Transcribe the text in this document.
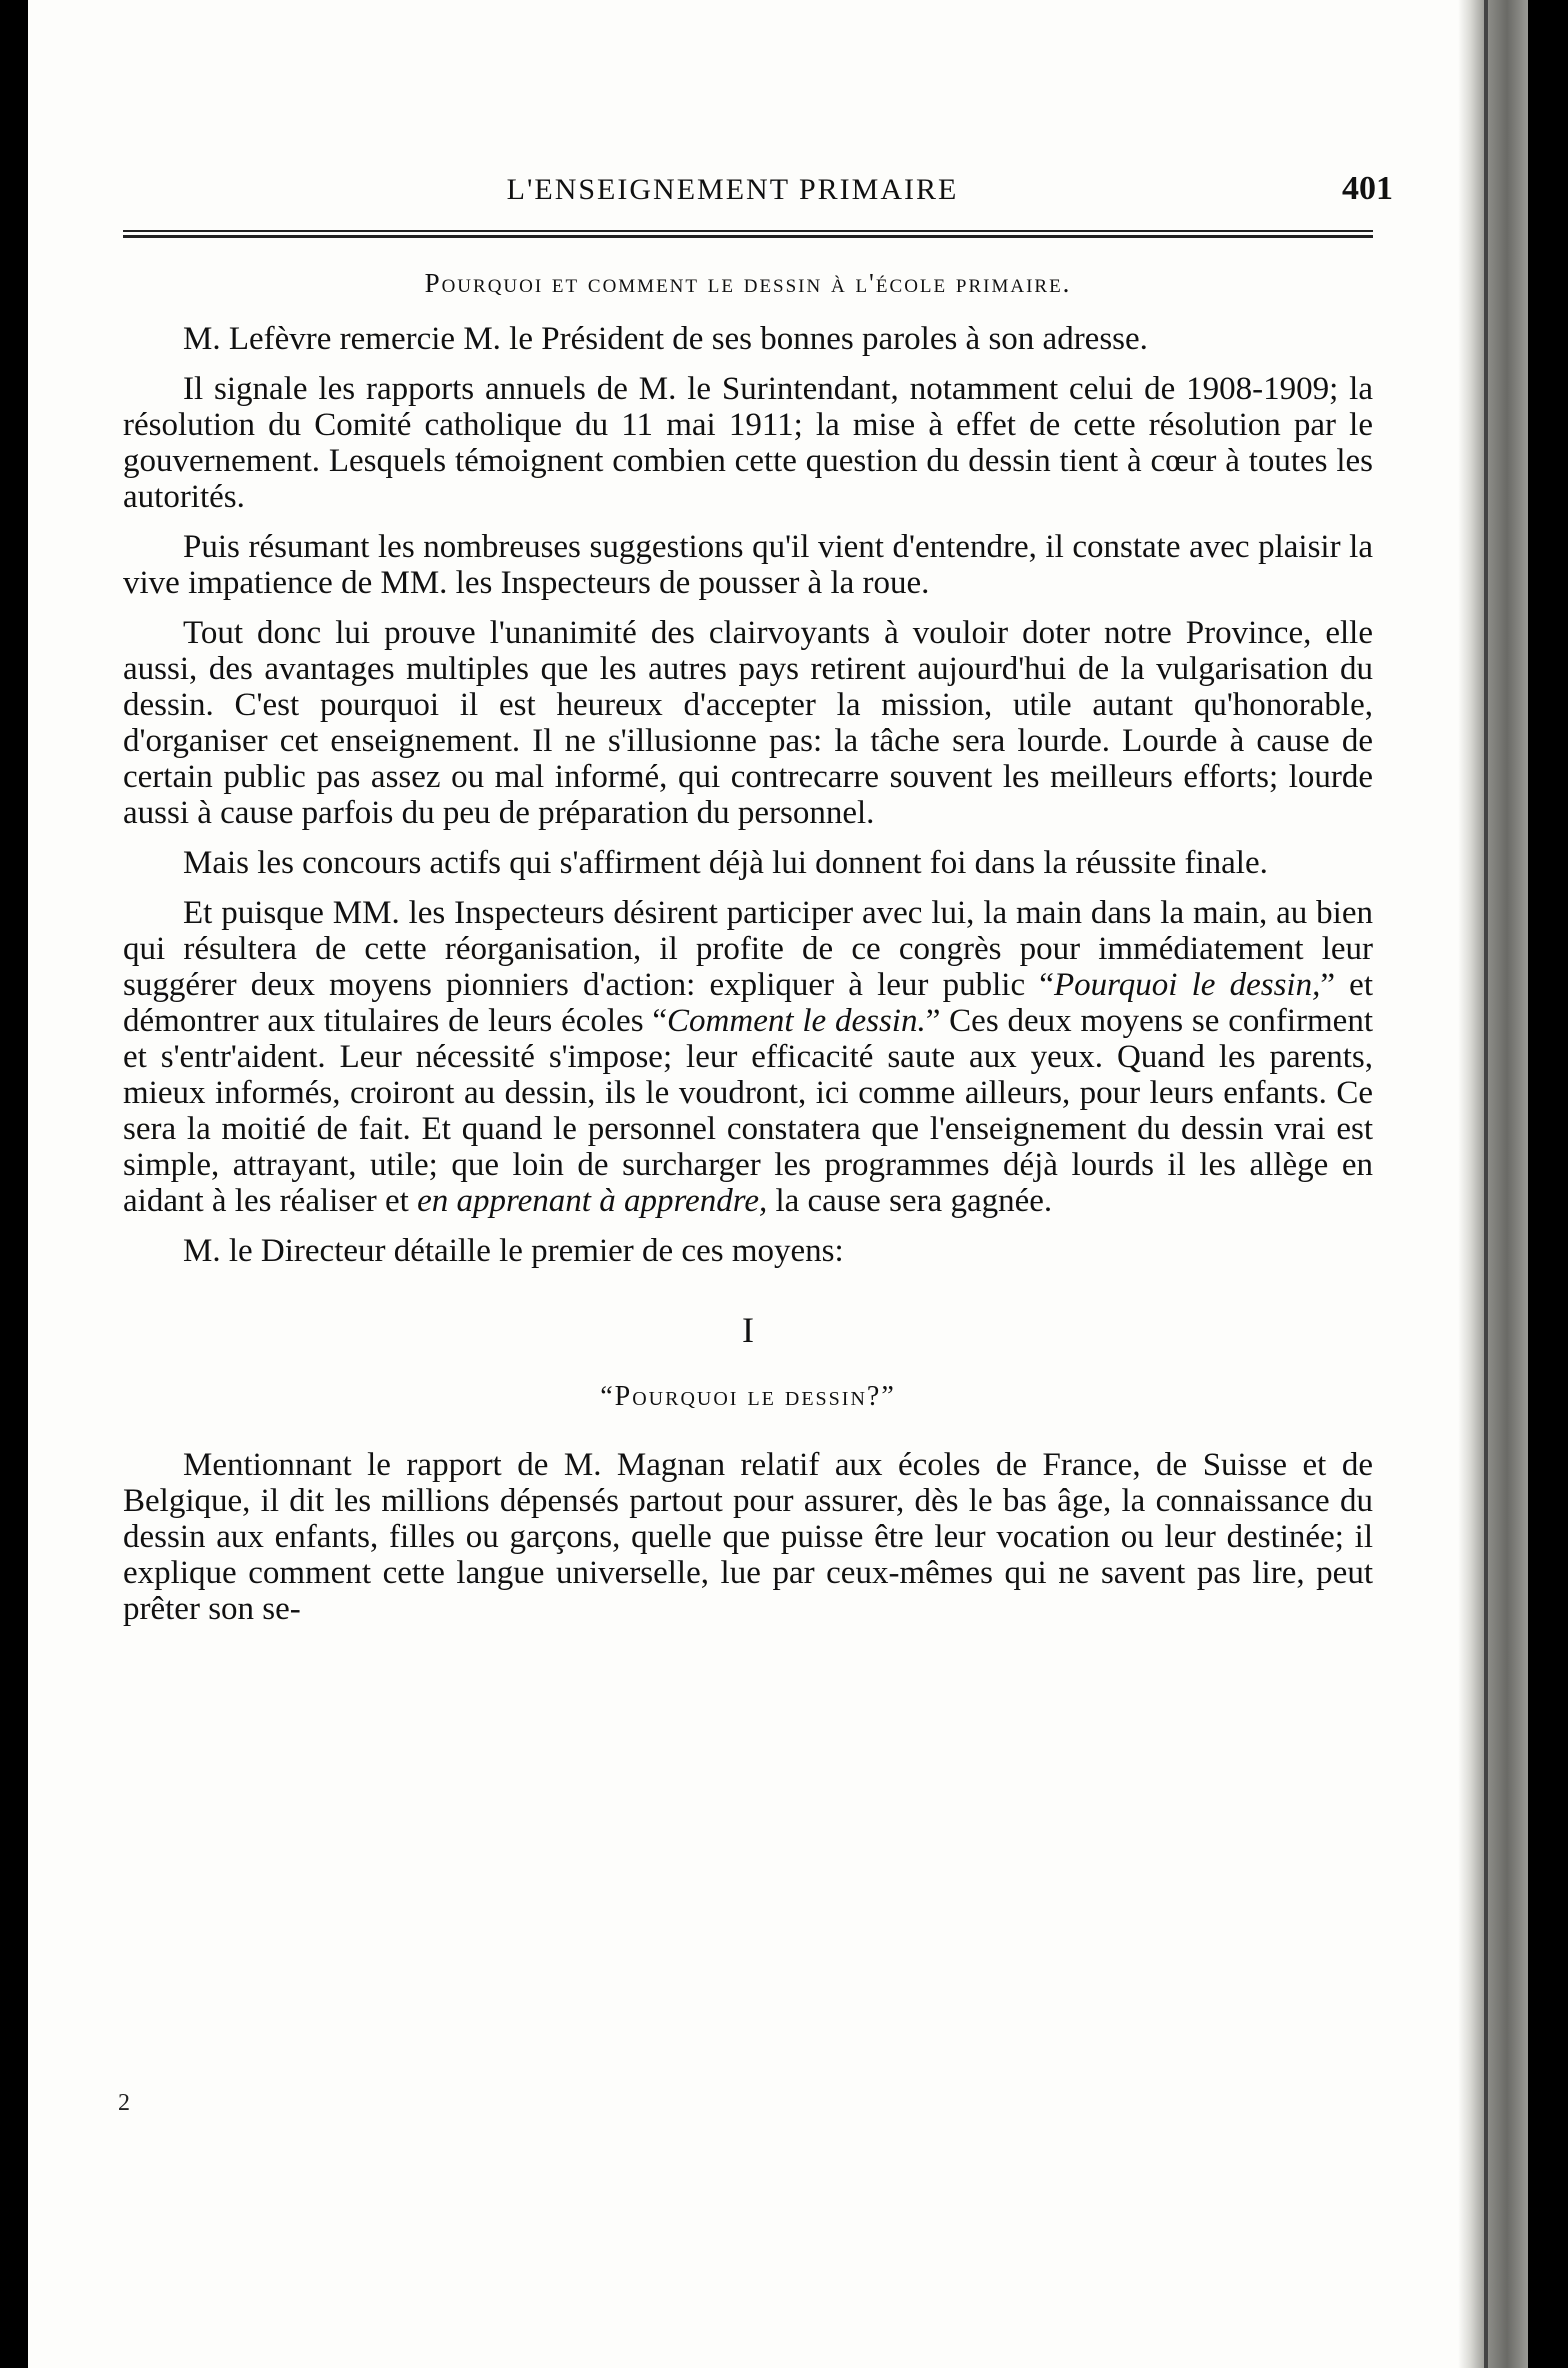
L'ENSEIGNEMENT PRIMAIRE	401
Pourquoi et comment le dessin à l'école primaire.

M. Lefèvre remercie M. le Président de ses bonnes paroles à son adresse.

Il signale les rapports annuels de M. le Surintendant, notamment celui de 1908-1909; la résolution du Comité catholique du 11 mai 1911; la mise à effet de cette résolution par le gouvernement. Lesquels témoignent combien cette question du dessin tient à cœur à toutes les autorités.

Puis résumant les nombreuses suggestions qu'il vient d'entendre, il constate avec plaisir la vive impatience de MM. les Inspecteurs de pousser à la roue.

Tout donc lui prouve l'unanimité des clairvoyants à vouloir doter notre Province, elle aussi, des avantages multiples que les autres pays retirent aujourd'hui de la vulgarisation du dessin. C'est pourquoi il est heureux d'accepter la mission, utile autant qu'honorable, d'organiser cet enseignement. Il ne s'illusionne pas: la tâche sera lourde. Lourde à cause de certain public pas assez ou mal informé, qui contrecarre souvent les meilleurs efforts; lourde aussi à cause parfois du peu de préparation du personnel.

Mais les concours actifs qui s'affirment déjà lui donnent foi dans la réussite finale.

Et puisque MM. les Inspecteurs désirent participer avec lui, la main dans la main, au bien qui résultera de cette réorganisation, il profite de ce congrès pour immédiatement leur suggérer deux moyens pionniers d'action: expliquer à leur public “Pourquoi le dessin,” et démontrer aux titulaires de leurs écoles “Comment le dessin.” Ces deux moyens se confirment et s'entr'aident. Leur nécessité s'impose; leur efficacité saute aux yeux. Quand les parents, mieux informés, croiront au dessin, ils le voudront, ici comme ailleurs, pour leurs enfants. Ce sera la moitié de fait. Et quand le personnel constatera que l'enseignement du dessin vrai est simple, attrayant, utile; que loin de surcharger les programmes déjà lourds il les allège en aidant à les réaliser et en apprenant à apprendre, la cause sera gagnée.

M. le Directeur détaille le premier de ces moyens:

I
“Pourquoi le dessin?”

Mentionnant le rapport de M. Magnan relatif aux écoles de France, de Suisse et de Belgique, il dit les millions dépensés partout pour assurer, dès le bas âge, la connaissance du dessin aux enfants, filles ou garçons, quelle que puisse être leur vocation ou leur destinée; il explique comment cette langue universelle, lue par ceux-mêmes qui ne savent pas lire, peut prêter son se-

2
